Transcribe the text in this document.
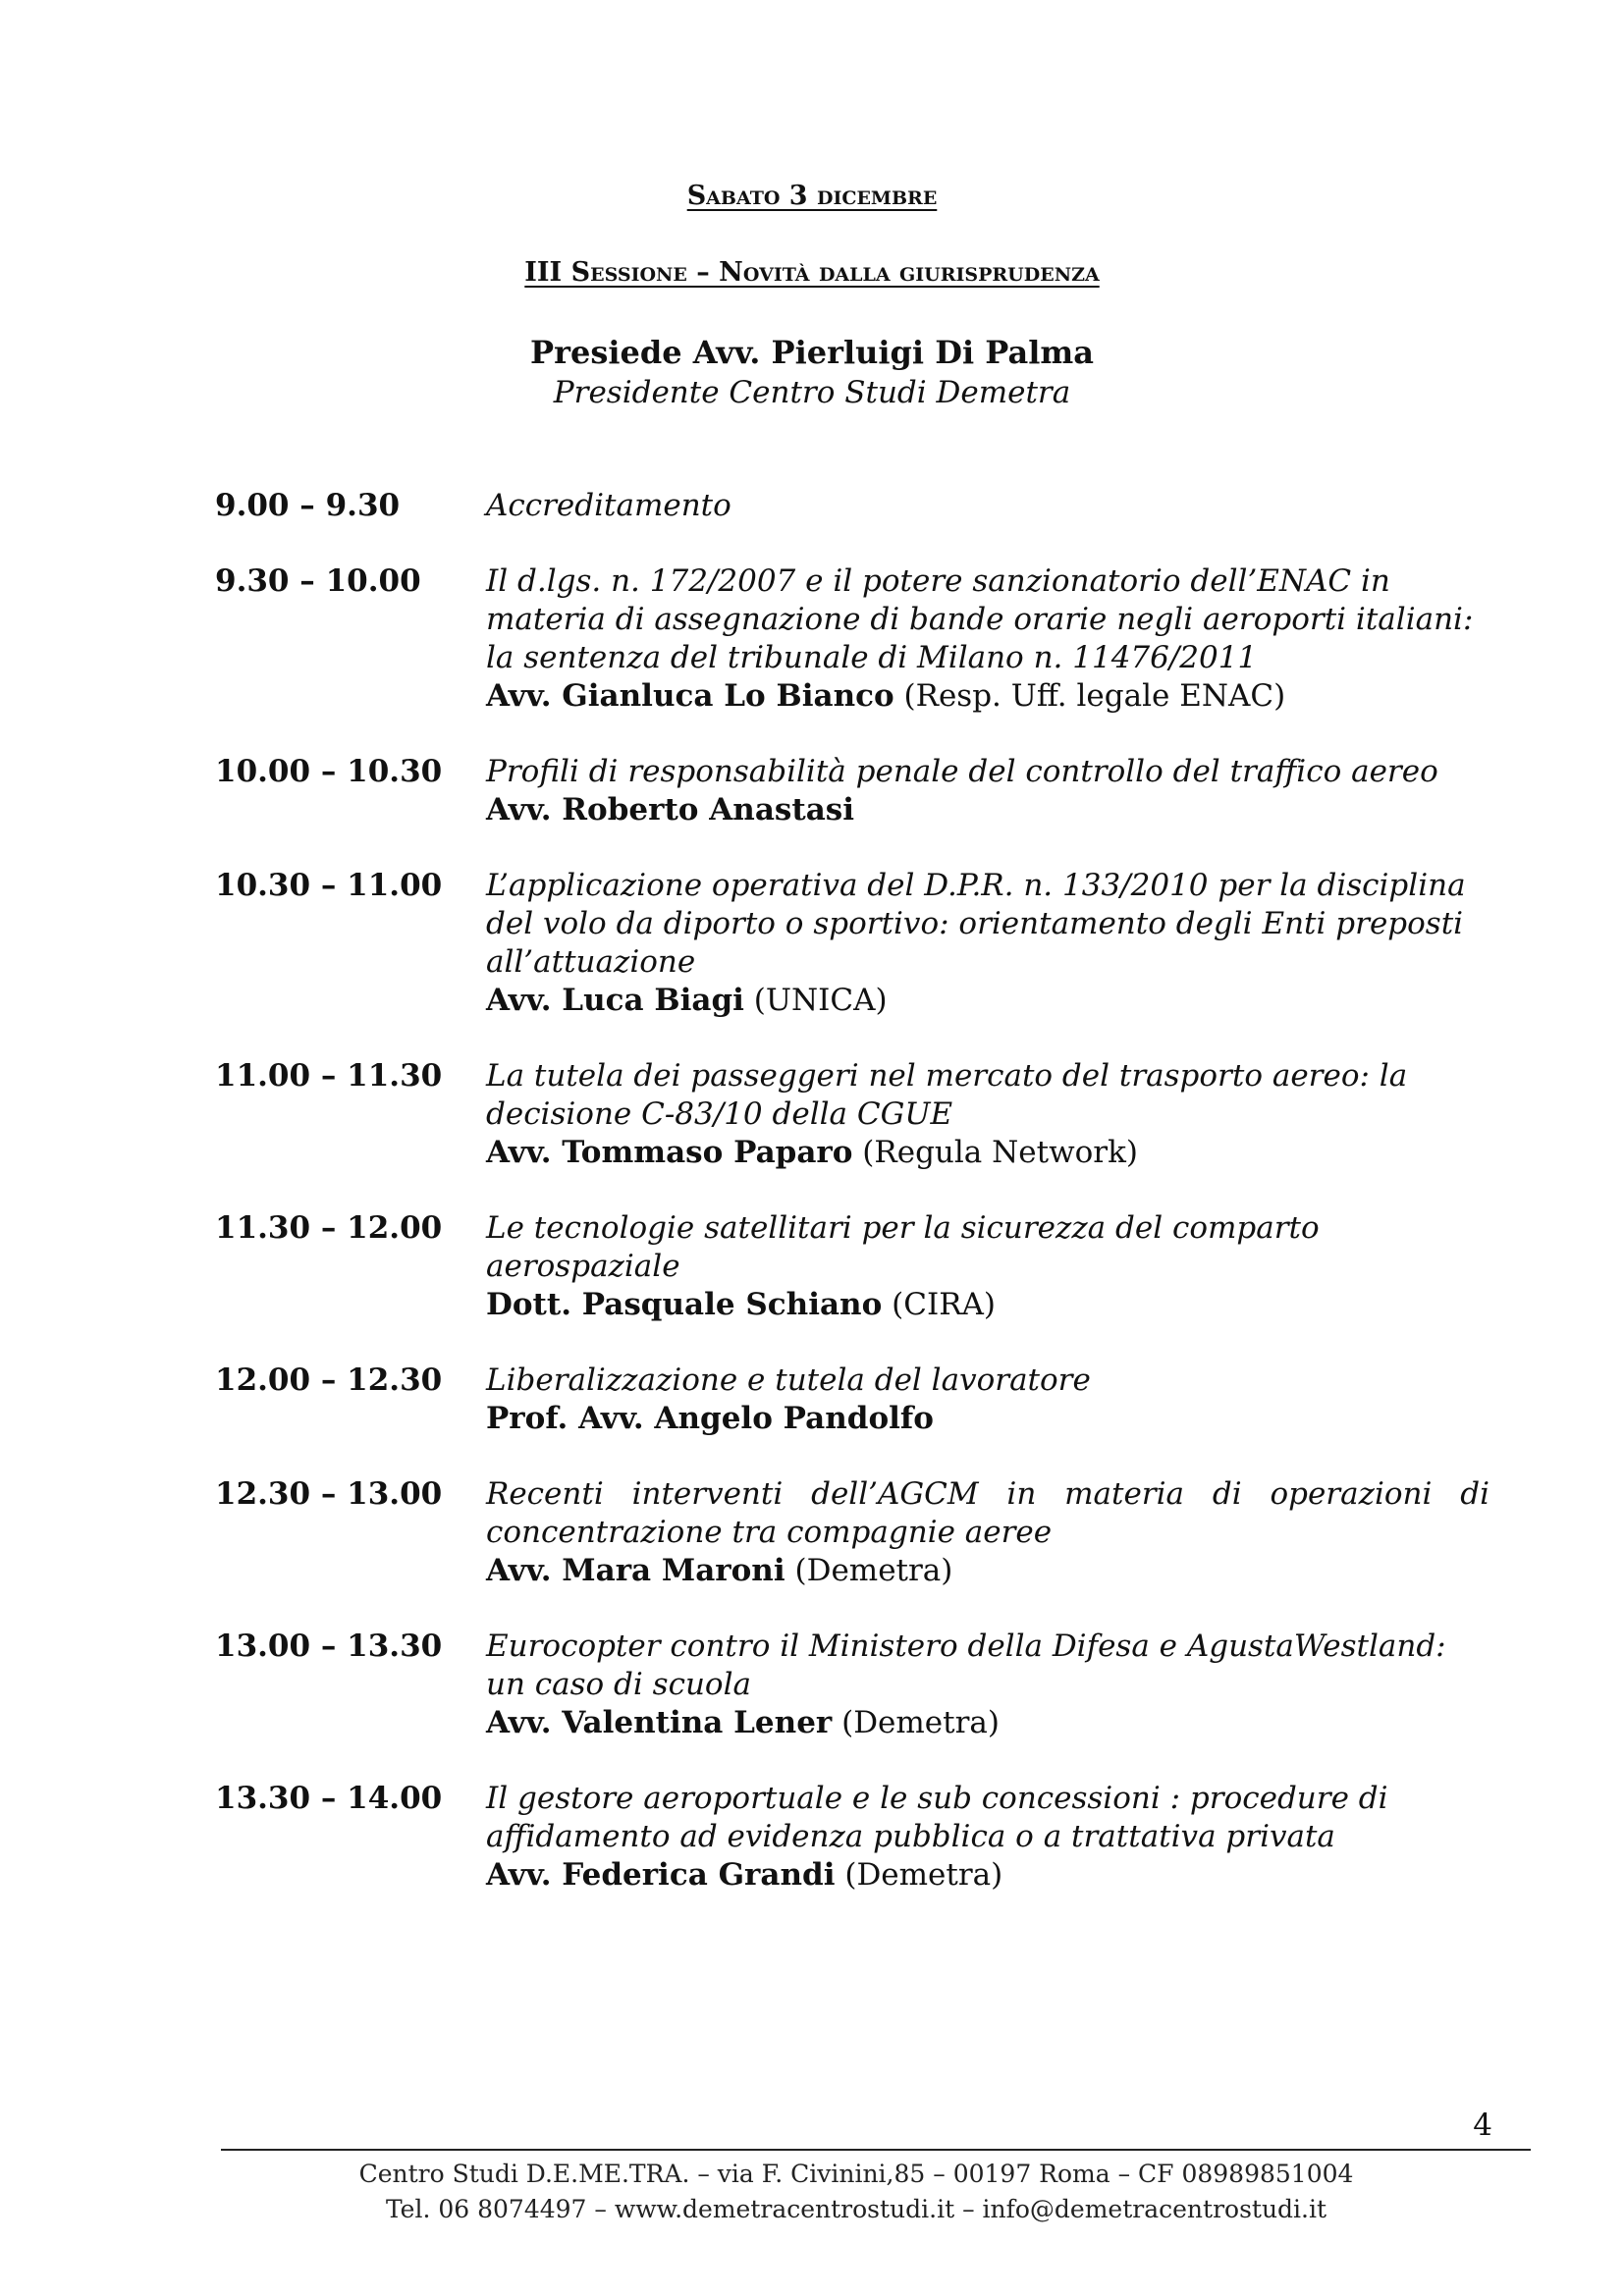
Sabato 3 dicembre
III Sessione – Novità dalla giurisprudenza
Presiede Avv. Pierluigi Di Palma
Presidente Centro Studi Demetra
9.00 – 9.30	Accreditamento
9.30 – 10.00	Il d.lgs. n. 172/2007 e il potere sanzionatorio dell’ENAC in materia di assegnazione di bande orarie negli aeroporti italiani: la sentenza del tribunale di Milano n. 11476/2011
Avv. Gianluca Lo Bianco (Resp. Uff. legale ENAC)
10.00 – 10.30	Profili di responsabilità penale del controllo del traffico aereo
Avv. Roberto Anastasi
10.30 – 11.00	L’applicazione operativa del D.P.R. n. 133/2010 per la disciplina del volo da diporto o sportivo: orientamento degli Enti preposti all’attuazione
Avv. Luca Biagi (UNICA)
11.00 – 11.30	La tutela dei passeggeri nel mercato del trasporto aereo: la decisione C-83/10 della CGUE
Avv. Tommaso Paparo (Regula Network)
11.30 – 12.00	Le tecnologie satellitari per la sicurezza del comparto aerospaziale
Dott. Pasquale Schiano (CIRA)
12.00 – 12.30	Liberalizzazione e tutela del lavoratore
Prof. Avv. Angelo Pandolfo
12.30 – 13.00	Recenti interventi dell’AGCM in materia di operazioni di concentrazione tra compagnie aeree
Avv. Mara Maroni (Demetra)
13.00 – 13.30	Eurocopter contro il Ministero della Difesa e AgustaWestland: un caso di scuola
Avv. Valentina Lener (Demetra)
13.30 – 14.00	Il gestore aeroportuale e le sub concessioni : procedure di affidamento ad evidenza pubblica o a trattativa privata
Avv. Federica Grandi (Demetra)
4
Centro Studi D.E.ME.TRA. – via F. Civinini,85 – 00197 Roma – CF 08989851004
Tel. 06 8074497 – www.demetracentrostudi.it – info@demetracentrostudi.it
